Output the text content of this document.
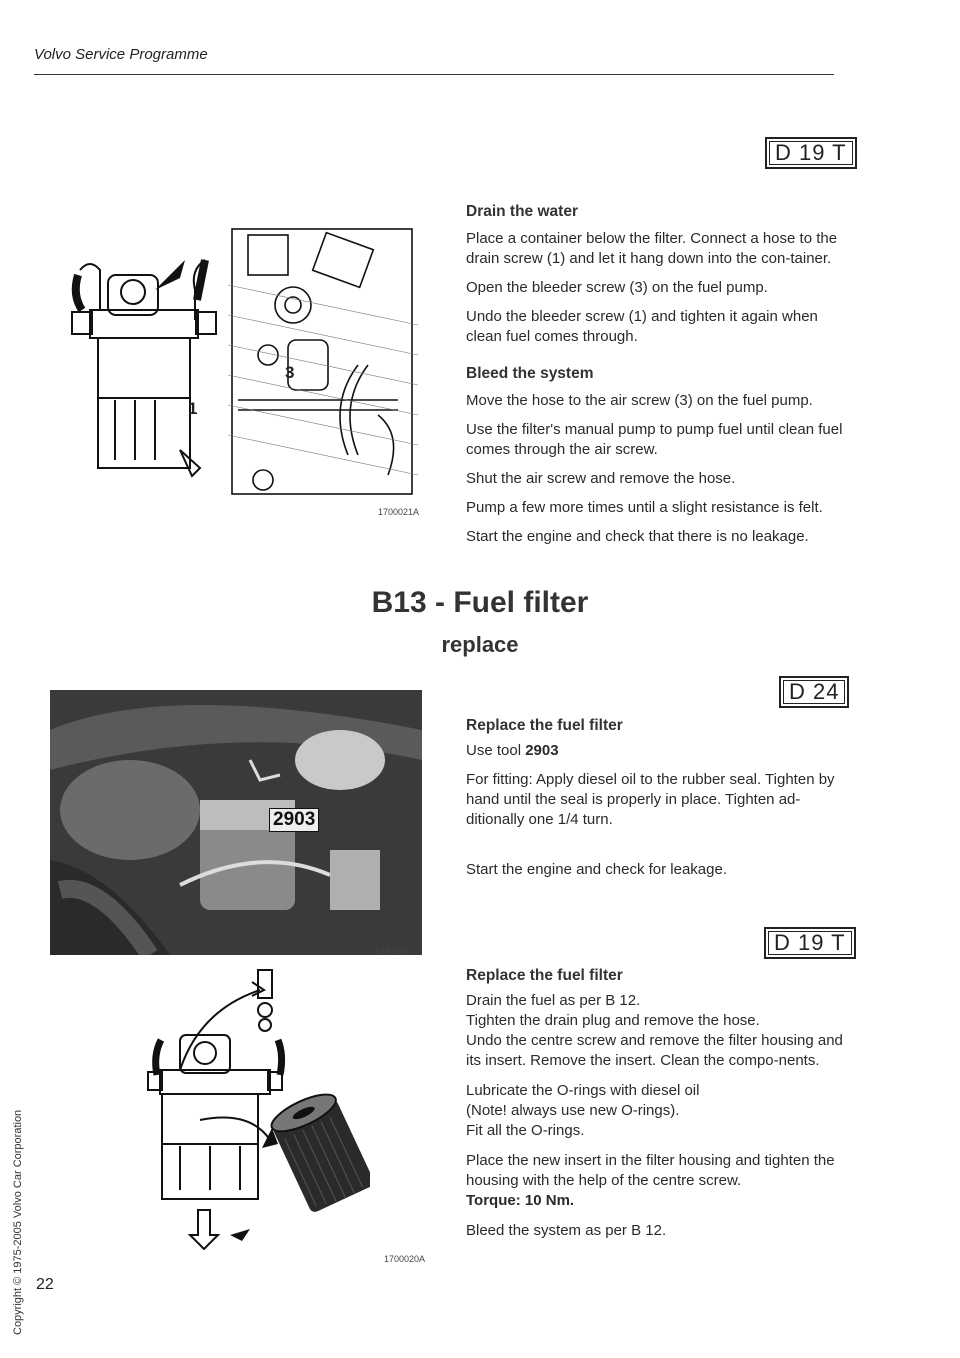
Volvo Service Programme
D 19 T
1
3
1700021A
Drain the water
Place a container below the filter. Connect a hose to the drain screw (1) and let it hang down into the con-tainer.
Open the bleeder screw (3) on the fuel pump.
Undo the bleeder screw (1) and tighten it again when clean fuel comes through.
Bleed the system
Move the hose to the air screw (3) on the fuel pump.
Use the filter's manual pump to pump fuel until clean fuel comes through the air screw.
Shut the air screw and remove the hose.
Pump a few more times until a slight resistance is felt.
Start the engine and check that there is no leakage.
B13 - Fuel filter
replace
2903
128 254
D 24
Replace the fuel filter
Use tool 2903
For fitting: Apply diesel oil to the rubber seal. Tighten by hand until the seal is properly in place. Tighten ad-ditionally one 1/4 turn.
Start the engine and check for leakage.
1700020A
D 19 T
Replace the fuel filter
Drain the fuel as per B 12.
Tighten the drain plug and remove the hose.
Undo the centre screw and remove the filter housing and its insert. Remove the insert. Clean the compo-nents.
Lubricate the O-rings with diesel oil
(Note! always use new O-rings).
Fit all the O-rings.
Place the new insert in the filter housing and tighten the housing with the help of the centre screw.
Torque: 10 Nm.
Bleed the system as per B 12.
22
Copyright © 1975-2005 Volvo Car Corporation
